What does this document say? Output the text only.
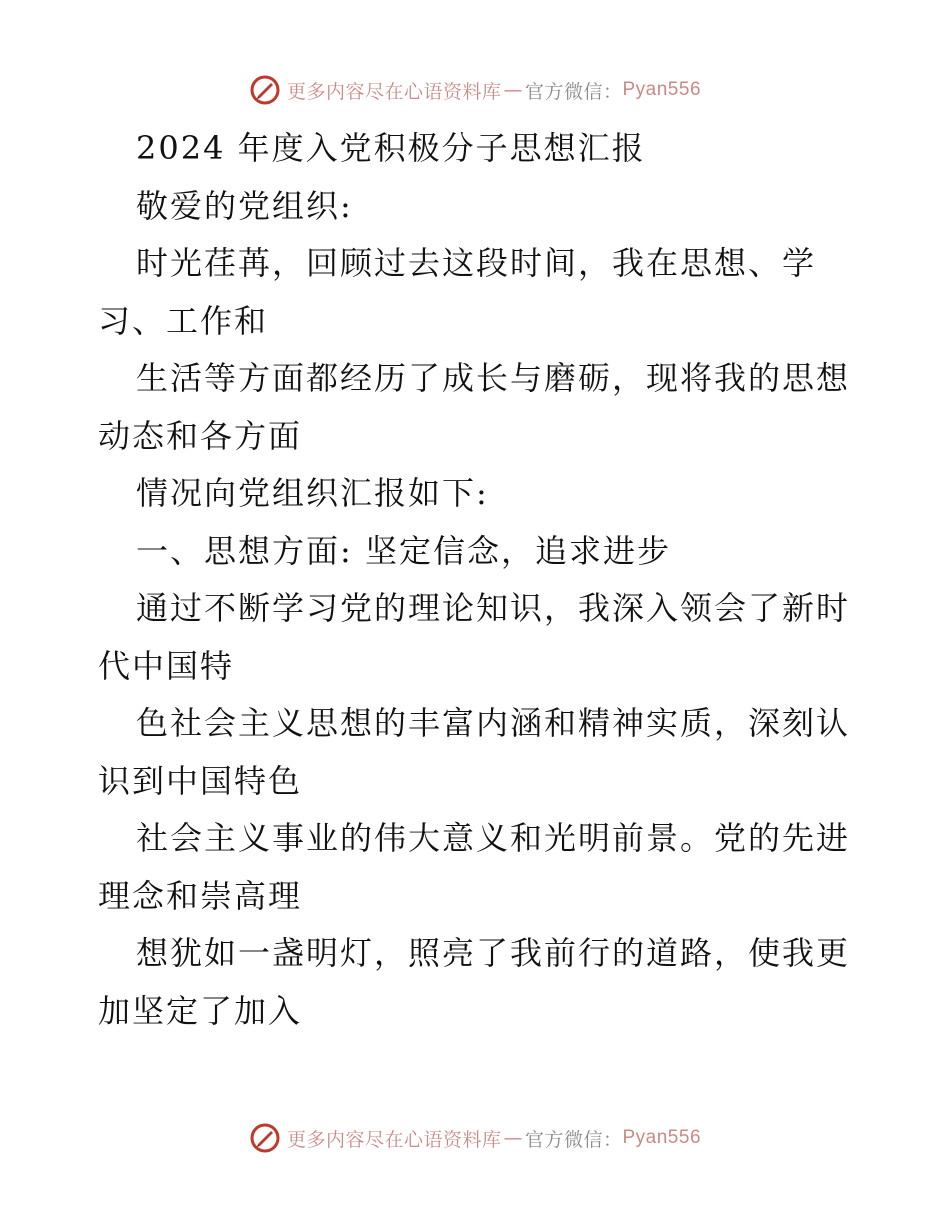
更多内容尽在心语资料库 — 官方微信： Pyan556

2024 年度入党积极分子思想汇报

敬爱的党组织:

时光荏苒，回顾过去这段时间，我在思想、学

习、工作和

生活等方面都经历了成长与磨砺，现将我的思想

动态和各方面

情况向党组织汇报如下:

一、思想方面: 坚定信念，追求进步

通过不断学习党的理论知识，我深入领会了新时

代中国特

色社会主义思想的丰富内涵和精神实质，深刻认

识到中国特色

社会主义事业的伟大意义和光明前景。党的先进

理念和崇高理

想犹如一盏明灯，照亮了我前行的道路，使我更

加坚定了加入

更多内容尽在心语资料库 — 官方微信： Pyan556
